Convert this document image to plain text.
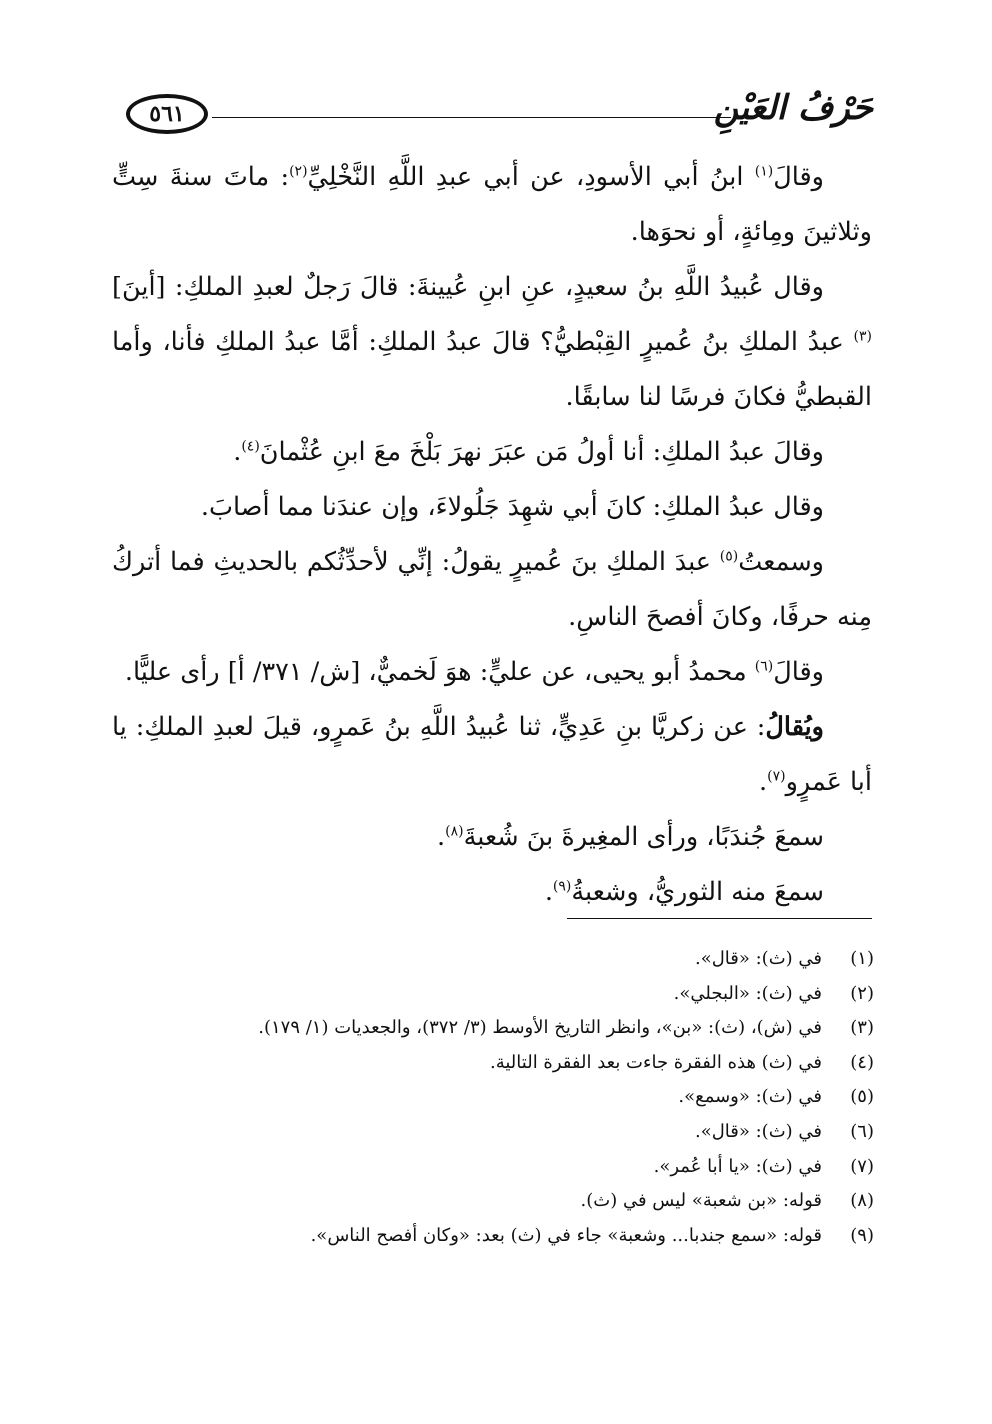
حَرْفُ العَيْنِ
٥٦١

وقالَ$^{(١)}$ ابنُ أبي الأسودِ، عن أبي عبدِ اللَّهِ النَّخْلِيِّ$^{(٢)}$: ماتَ سنةَ سِتٍّ وثلاثينَ ومِائةٍ، أو نحوَها.

وقال عُبيدُ اللَّهِ بنُ سعيدٍ، عنِ ابنِ عُيينةَ: قالَ رَجلٌ لعبدِ الملكِ: [أينَ]$^{(٣)}$ عبدُ الملكِ بنُ عُميرٍ القِبْطيُّ؟ قالَ عبدُ الملكِ: أمَّا عبدُ الملكِ فأنا، وأما القبطيُّ فكانَ فرسًا لنا سابقًا.

وقالَ عبدُ الملكِ: أنا أولُ مَن عبَرَ نهرَ بَلْخَ معَ ابنِ عُثْمانَ$^{(٤)}$.

وقال عبدُ الملكِ: كانَ أبي شهِدَ جَلُولاءَ، وإن عندَنا مما أصابَ.

وسمعتُ$^{(٥)}$ عبدَ الملكِ بنَ عُميرٍ يقولُ: إنِّي لأحدِّثُكم بالحديثِ فما أتركُ مِنه حرفًا، وكانَ أفصحَ الناسِ.

وقالَ$^{(٦)}$ محمدُ أبو يحيى، عن عليٍّ: هوَ لَخميٌّ، [ش/ ٣٧١/ أ] رأى عليًّا.

ويُقالُ: عن زكريَّا بنِ عَدِيٍّ، ثنا عُبيدُ اللَّهِ بنُ عَمرٍو، قيلَ لعبدِ الملكِ: يا أبا عَمرٍو$^{(٧)}$.

سمعَ جُندَبًا، ورأى المغِيرةَ بنَ شُعبةَ$^{(٨)}$.

سمعَ منه الثوريُّ، وشعبةُ$^{(٩)}$.

(١)
في (ث): «قال».
(٢)
في (ث): «البجلي».
(٣)
في (ش)، (ث): «بن»، وانظر التاريخ الأوسط (٣/ ٣٧٢)، والجعديات (١/ ١٧٩).
(٤)
في (ث) هذه الفقرة جاءت بعد الفقرة التالية.
(٥)
في (ث): «وسمع».
(٦)
في (ث): «قال».
(٧)
في (ث): «يا أبا عُمر».
(٨)
قوله: «بن شعبة» ليس في (ث).
(٩)
قوله: «سمع جندبا... وشعبة» جاء في (ث) بعد: «وكان أفصح الناس».
